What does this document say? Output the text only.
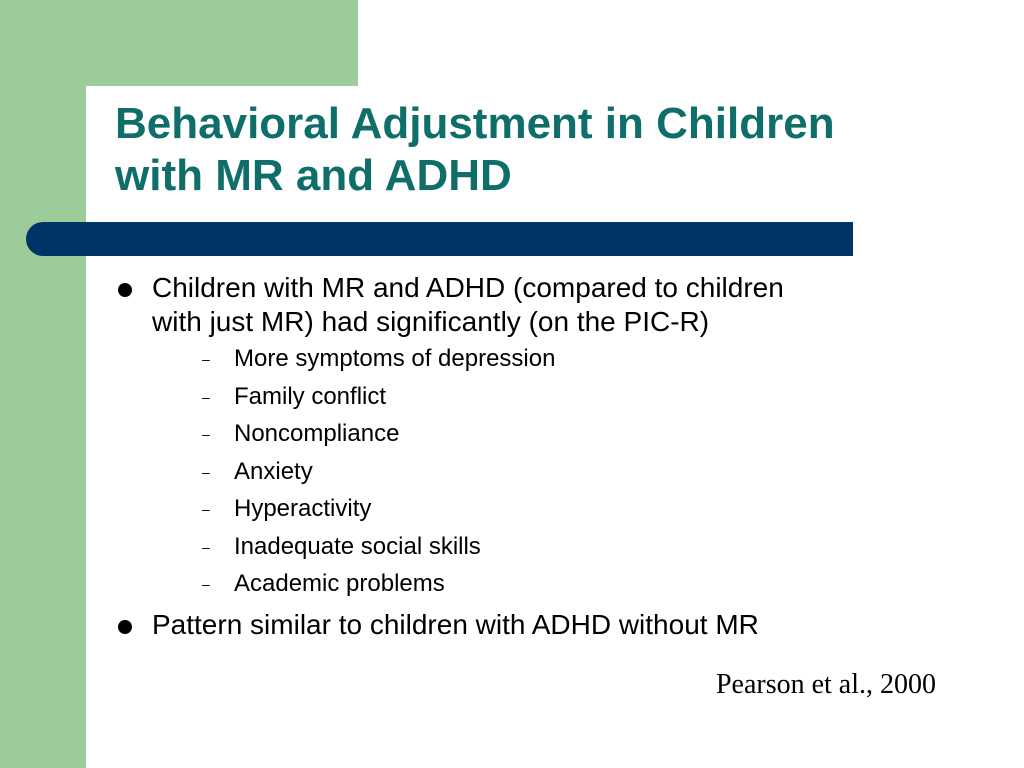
Behavioral Adjustment in Children
with MR and ADHD
Children with MR and ADHD (compared to children
with just MR) had significantly (on the PIC-R)
– More symptoms of depression
– Family conflict
– Noncompliance
– Anxiety
– Hyperactivity
– Inadequate social skills
– Academic problems
Pattern similar to children with ADHD without MR
Pearson et al., 2000
